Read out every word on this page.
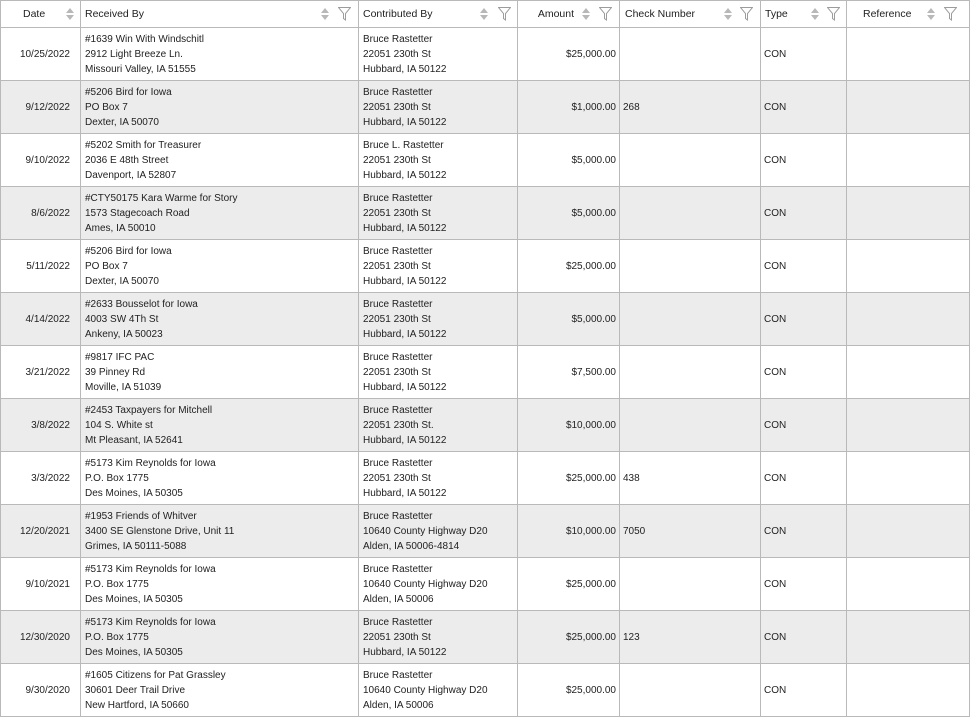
Date	Received By	Contributed By	Amount	Check Number	Type	Reference

10/25/2022	#1639 Win With Windschitl
2912 Light Breeze Ln.
Missouri Valley, IA 51555	Bruce Rastetter
22051 230th St
Hubbard, IA 50122	$25,000.00		CON	
9/12/2022	#5206 Bird for Iowa
PO Box 7
Dexter, IA 50070	Bruce Rastetter
22051 230th St
Hubbard, IA 50122	$1,000.00	268	CON	
9/10/2022	#5202 Smith for Treasurer
2036 E 48th Street
Davenport, IA 52807	Bruce L. Rastetter
22051 230th St
Hubbard, IA 50122	$5,000.00		CON	
8/6/2022	#CTY50175 Kara Warme for Story
1573 Stagecoach Road
Ames, IA 50010	Bruce Rastetter
22051 230th St
Hubbard, IA 50122	$5,000.00		CON	
5/11/2022	#5206 Bird for Iowa
PO Box 7
Dexter, IA 50070	Bruce Rastetter
22051 230th St
Hubbard, IA 50122	$25,000.00		CON	
4/14/2022	#2633 Bousselot for Iowa
4003 SW 4Th St
Ankeny, IA 50023	Bruce Rastetter
22051 230th St
Hubbard, IA 50122	$5,000.00		CON	
3/21/2022	#9817 IFC PAC
39 Pinney Rd
Moville, IA 51039	Bruce Rastetter
22051 230th St
Hubbard, IA 50122	$7,500.00		CON	
3/8/2022	#2453 Taxpayers for Mitchell
104 S. White st
Mt Pleasant, IA 52641	Bruce Rastetter
22051 230th St.
Hubbard, IA 50122	$10,000.00		CON	
3/3/2022	#5173 Kim Reynolds for Iowa
P.O. Box 1775
Des Moines, IA 50305	Bruce Rastetter
22051 230th St
Hubbard, IA 50122	$25,000.00	438	CON	
12/20/2021	#1953 Friends of Whitver
3400 SE Glenstone Drive, Unit 11
Grimes, IA 50111-5088	Bruce Rastetter
10640 County Highway D20
Alden, IA 50006-4814	$10,000.00	7050	CON	
9/10/2021	#5173 Kim Reynolds for Iowa
P.O. Box 1775
Des Moines, IA 50305	Bruce Rastetter
10640 County Highway D20
Alden, IA 50006	$25,000.00		CON	
12/30/2020	#5173 Kim Reynolds for Iowa
P.O. Box 1775
Des Moines, IA 50305	Bruce Rastetter
22051 230th St
Hubbard, IA 50122	$25,000.00	123	CON	
9/30/2020	#1605 Citizens for Pat Grassley
30601 Deer Trail Drive
New Hartford, IA 50660	Bruce Rastetter
10640 County Highway D20
Alden, IA 50006	$25,000.00		CON	
